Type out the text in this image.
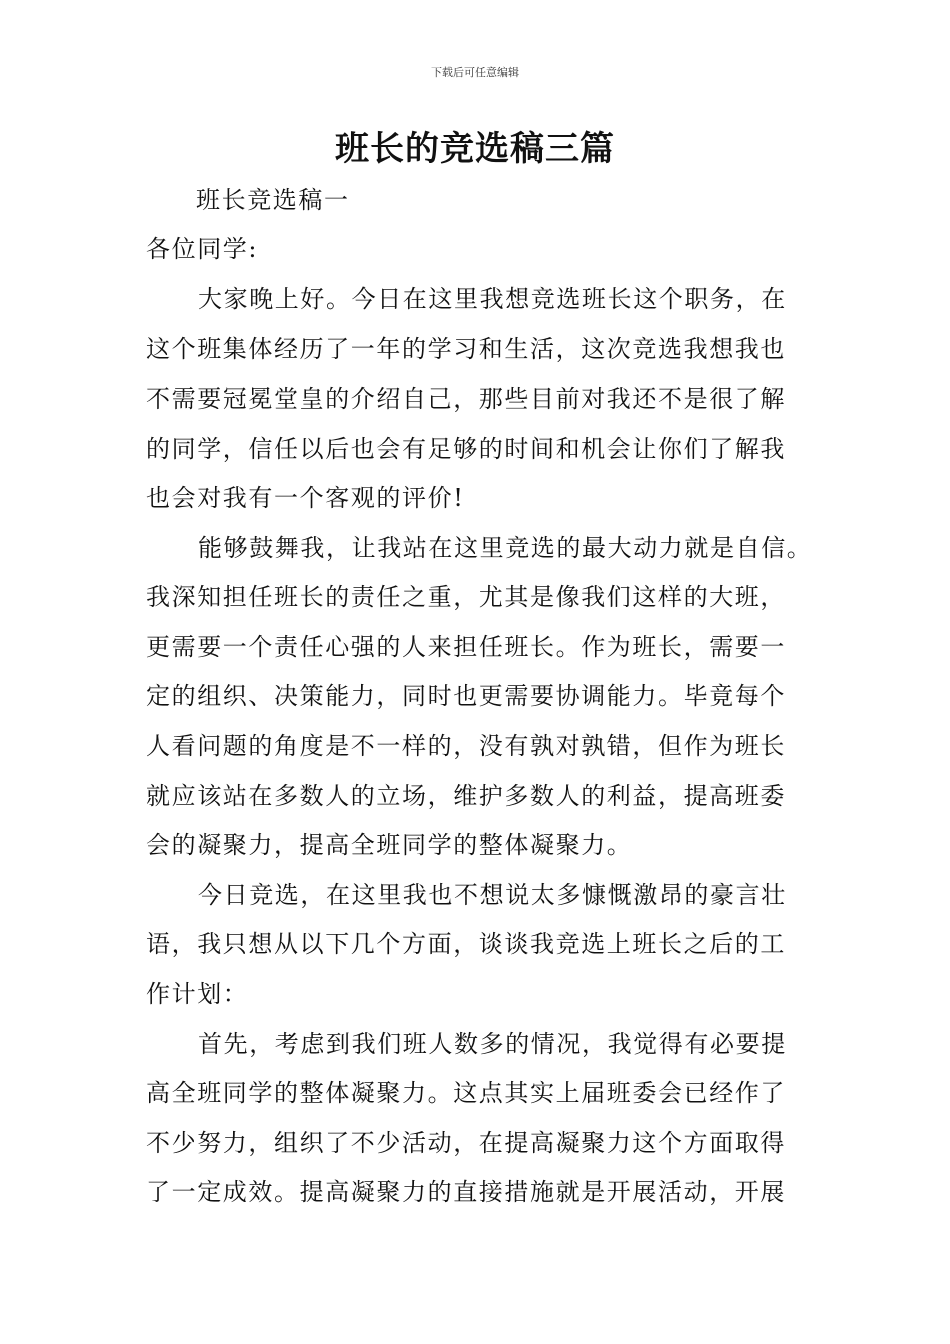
下载后可任意编辑
班长的竞选稿三篇
班长竞选稿一
各位同学:
大家晚上好。今日在这里我想竞选班长这个职务，在
这个班集体经历了一年的学习和生活，这次竞选我想我也
不需要冠冕堂皇的介绍自己，那些目前对我还不是很了解
的同学，信任以后也会有足够的时间和机会让你们了解我
也会对我有一个客观的评价!
能够鼓舞我，让我站在这里竞选的最大动力就是自信。
我深知担任班长的责任之重，尤其是像我们这样的大班，
更需要一个责任心强的人来担任班长。作为班长，需要一
定的组织、决策能力，同时也更需要协调能力。毕竟每个
人看问题的角度是不一样的，没有孰对孰错，但作为班长
就应该站在多数人的立场，维护多数人的利益，提高班委
会的凝聚力，提高全班同学的整体凝聚力。
今日竞选，在这里我也不想说太多慷慨激昂的豪言壮
语，我只想从以下几个方面，谈谈我竞选上班长之后的工
作计划：
首先，考虑到我们班人数多的情况，我觉得有必要提
高全班同学的整体凝聚力。这点其实上届班委会已经作了
不少努力，组织了不少活动，在提高凝聚力这个方面取得
了一定成效。提高凝聚力的直接措施就是开展活动，开展
